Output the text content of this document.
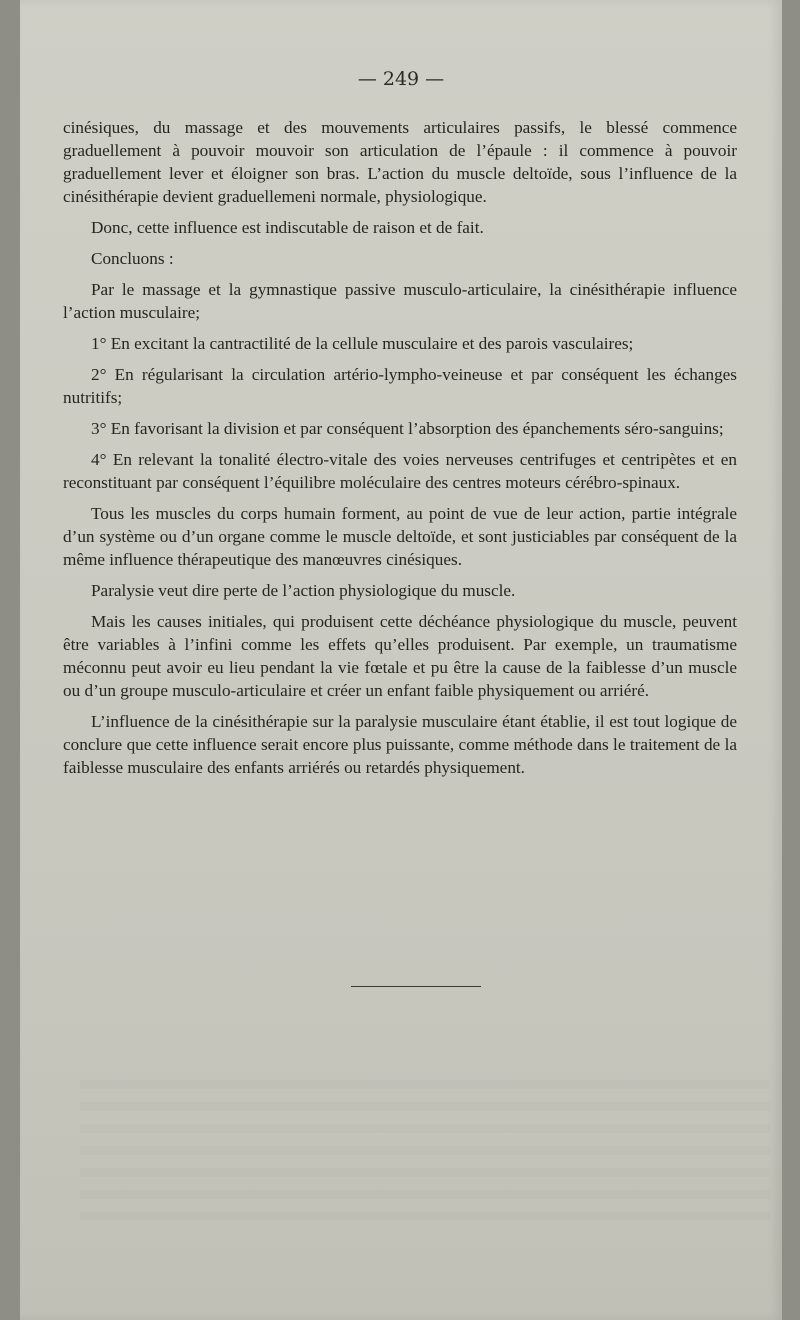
— 249 —

cinésiques, du massage et des mouvements articulaires passifs, le blessé commence graduellement à pouvoir mouvoir son articulation de l’épaule : il commence à pouvoir graduellement lever et éloigner son bras. L’action du muscle deltoïde, sous l’influence de la cinésithérapie devient graduellemeni normale, physiologique.

Donc, cette influence est indiscutable de raison et de fait.

Concluons :

Par le massage et la gymnastique passive musculo-articulaire, la cinésithérapie influence l’action musculaire;

1° En excitant la cantractilité de la cellule musculaire et des parois vasculaires;

2° En régularisant la circulation artério-lympho-veineuse et par conséquent les échanges nutritifs;

3° En favorisant la division et par conséquent l’absorption des épanchements séro-sanguins;

4° En relevant la tonalité électro-vitale des voies nerveuses centrifuges et centripètes et en reconstituant par conséquent l’équilibre moléculaire des centres moteurs cérébro-spinaux.

Tous les muscles du corps humain forment, au point de vue de leur action, partie intégrale d’un système ou d’un organe comme le muscle deltoïde, et sont justiciables par conséquent de la même influence thérapeutique des manœuvres cinésiques.

Paralysie veut dire perte de l’action physiologique du muscle.

Mais les causes initiales, qui produisent cette déchéance physiologique du muscle, peuvent être variables à l’infini comme les effets qu’elles produisent. Par exemple, un traumatisme méconnu peut avoir eu lieu pendant la vie fœtale et pu être la cause de la faiblesse d’un muscle ou d’un groupe musculo-articulaire et créer un enfant faible physiquement ou arriéré.

L’influence de la cinésithérapie sur la paralysie musculaire étant établie, il est tout logique de conclure que cette influence serait encore plus puissante, comme méthode dans le traitement de la faiblesse musculaire des enfants arriérés ou retardés physiquement.
